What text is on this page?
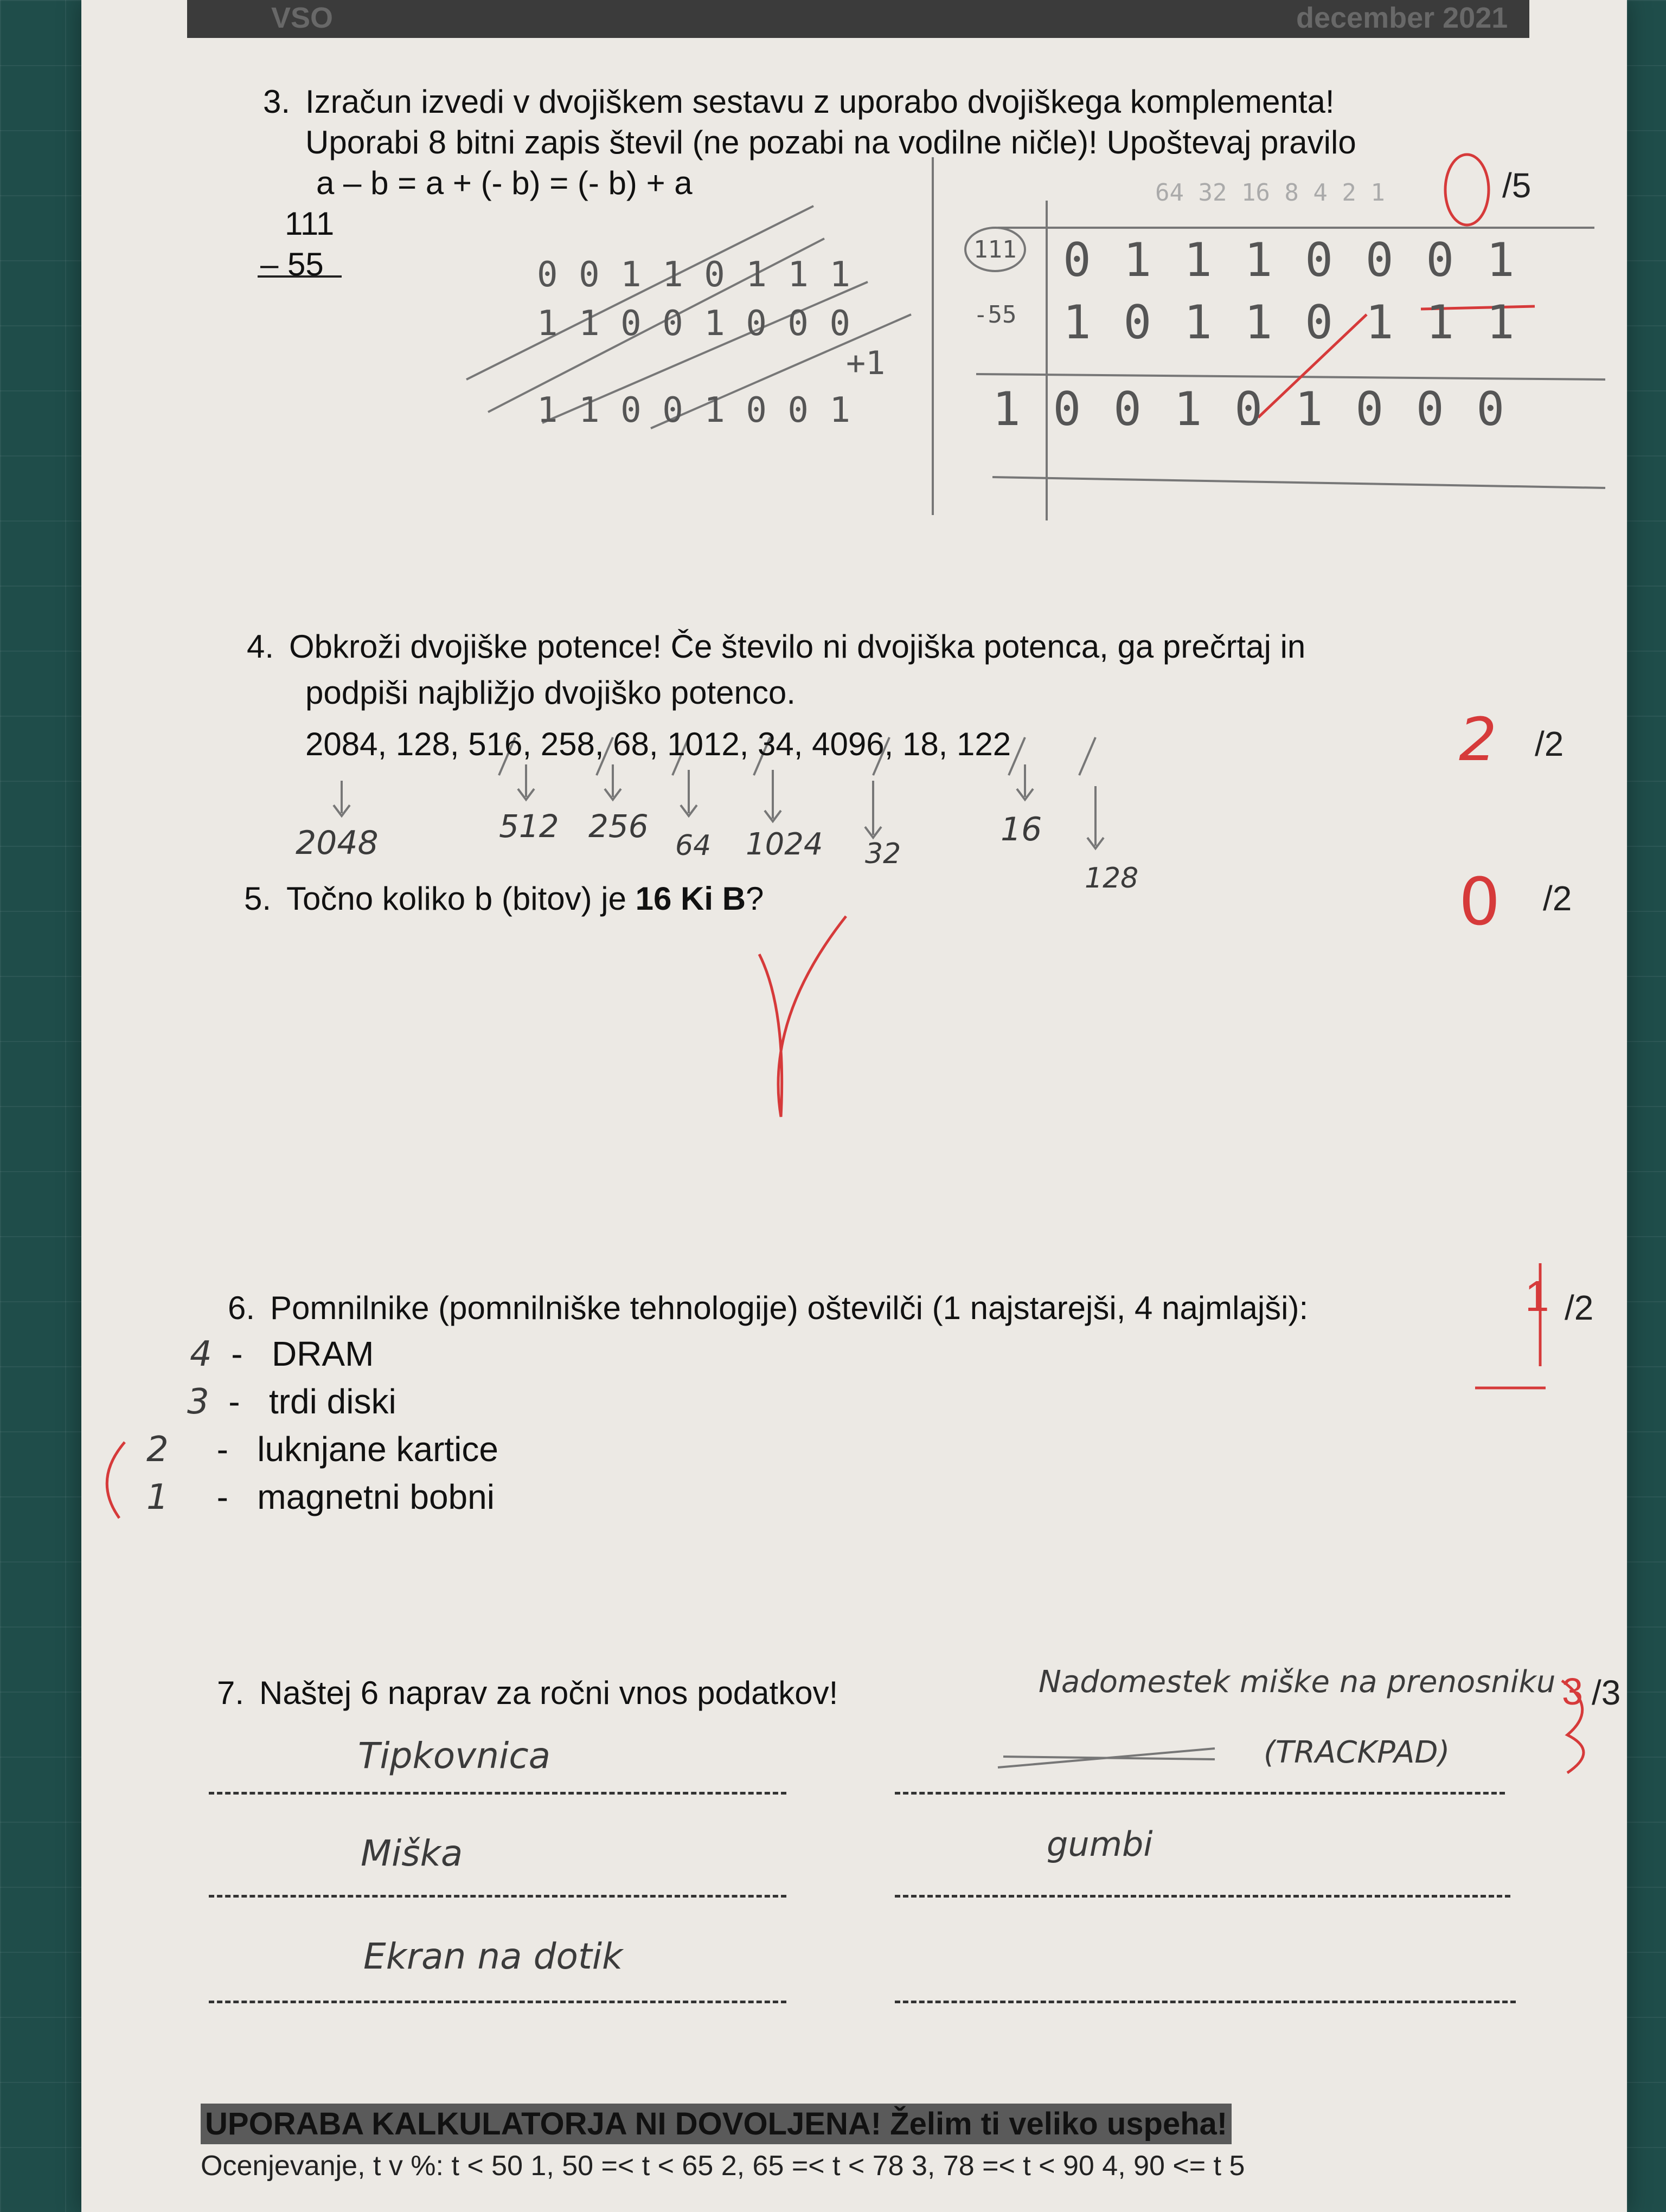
VSO	december 2021
3. Izračun izvedi v dvojiškem sestavu z uporabo dvojiškega komplementa!
Uporabi 8 bitni zapis števil (ne pozabi na vodilne ničle)! Upoštevaj pravilo
a – b = a + (- b) = (- b) + a	/5
111
– 55	0 0 1 1 0 1 1 1
1 1 0 0 1 0 0 0
+1
1 1 0 0 1 0 0 1
64 32 16 8 4 2 1
111 0 1 1 1 0 0 0 1
-55 1 0 1 1 0 1 1 1
1 0 0 1 0 1 0 0 0
4. Obkroži dvojiške potence! Če število ni dvojiška potenca, ga prečrtaj in
podpiši najbližjo dvojiško potenco.
2084, 128, 516, 258, 68, 1012, 34, 4096, 18, 122	2 /2
2048	512 256
64 1024 32
16
128
5. Točno koliko b (bitov) je 16 Ki B?	0 /2
6. Pomnilnike (pomnilniške tehnologije) oštevilči (1 najstarejši, 4 najmlajši):	1 /2
4  -   DRAM
3  -   trdi diski
2     -   luknjane kartice
1     -   magnetni bobni
7. Naštej 6 naprav za ročni vnos podatkov!	Nadomestek miške na prenosniku 3 /3
Tipkovnica	(TRACKPAD)
Miška	gumbi
Ekran na dotik
UPORABA KALKULATORJA NI DOVOLJENA! Želim ti veliko uspeha!
Ocenjevanje, t v %: t < 50 1, 50 =< t < 65 2, 65 =< t < 78 3, 78 =< t < 90 4, 90 <= t 5
